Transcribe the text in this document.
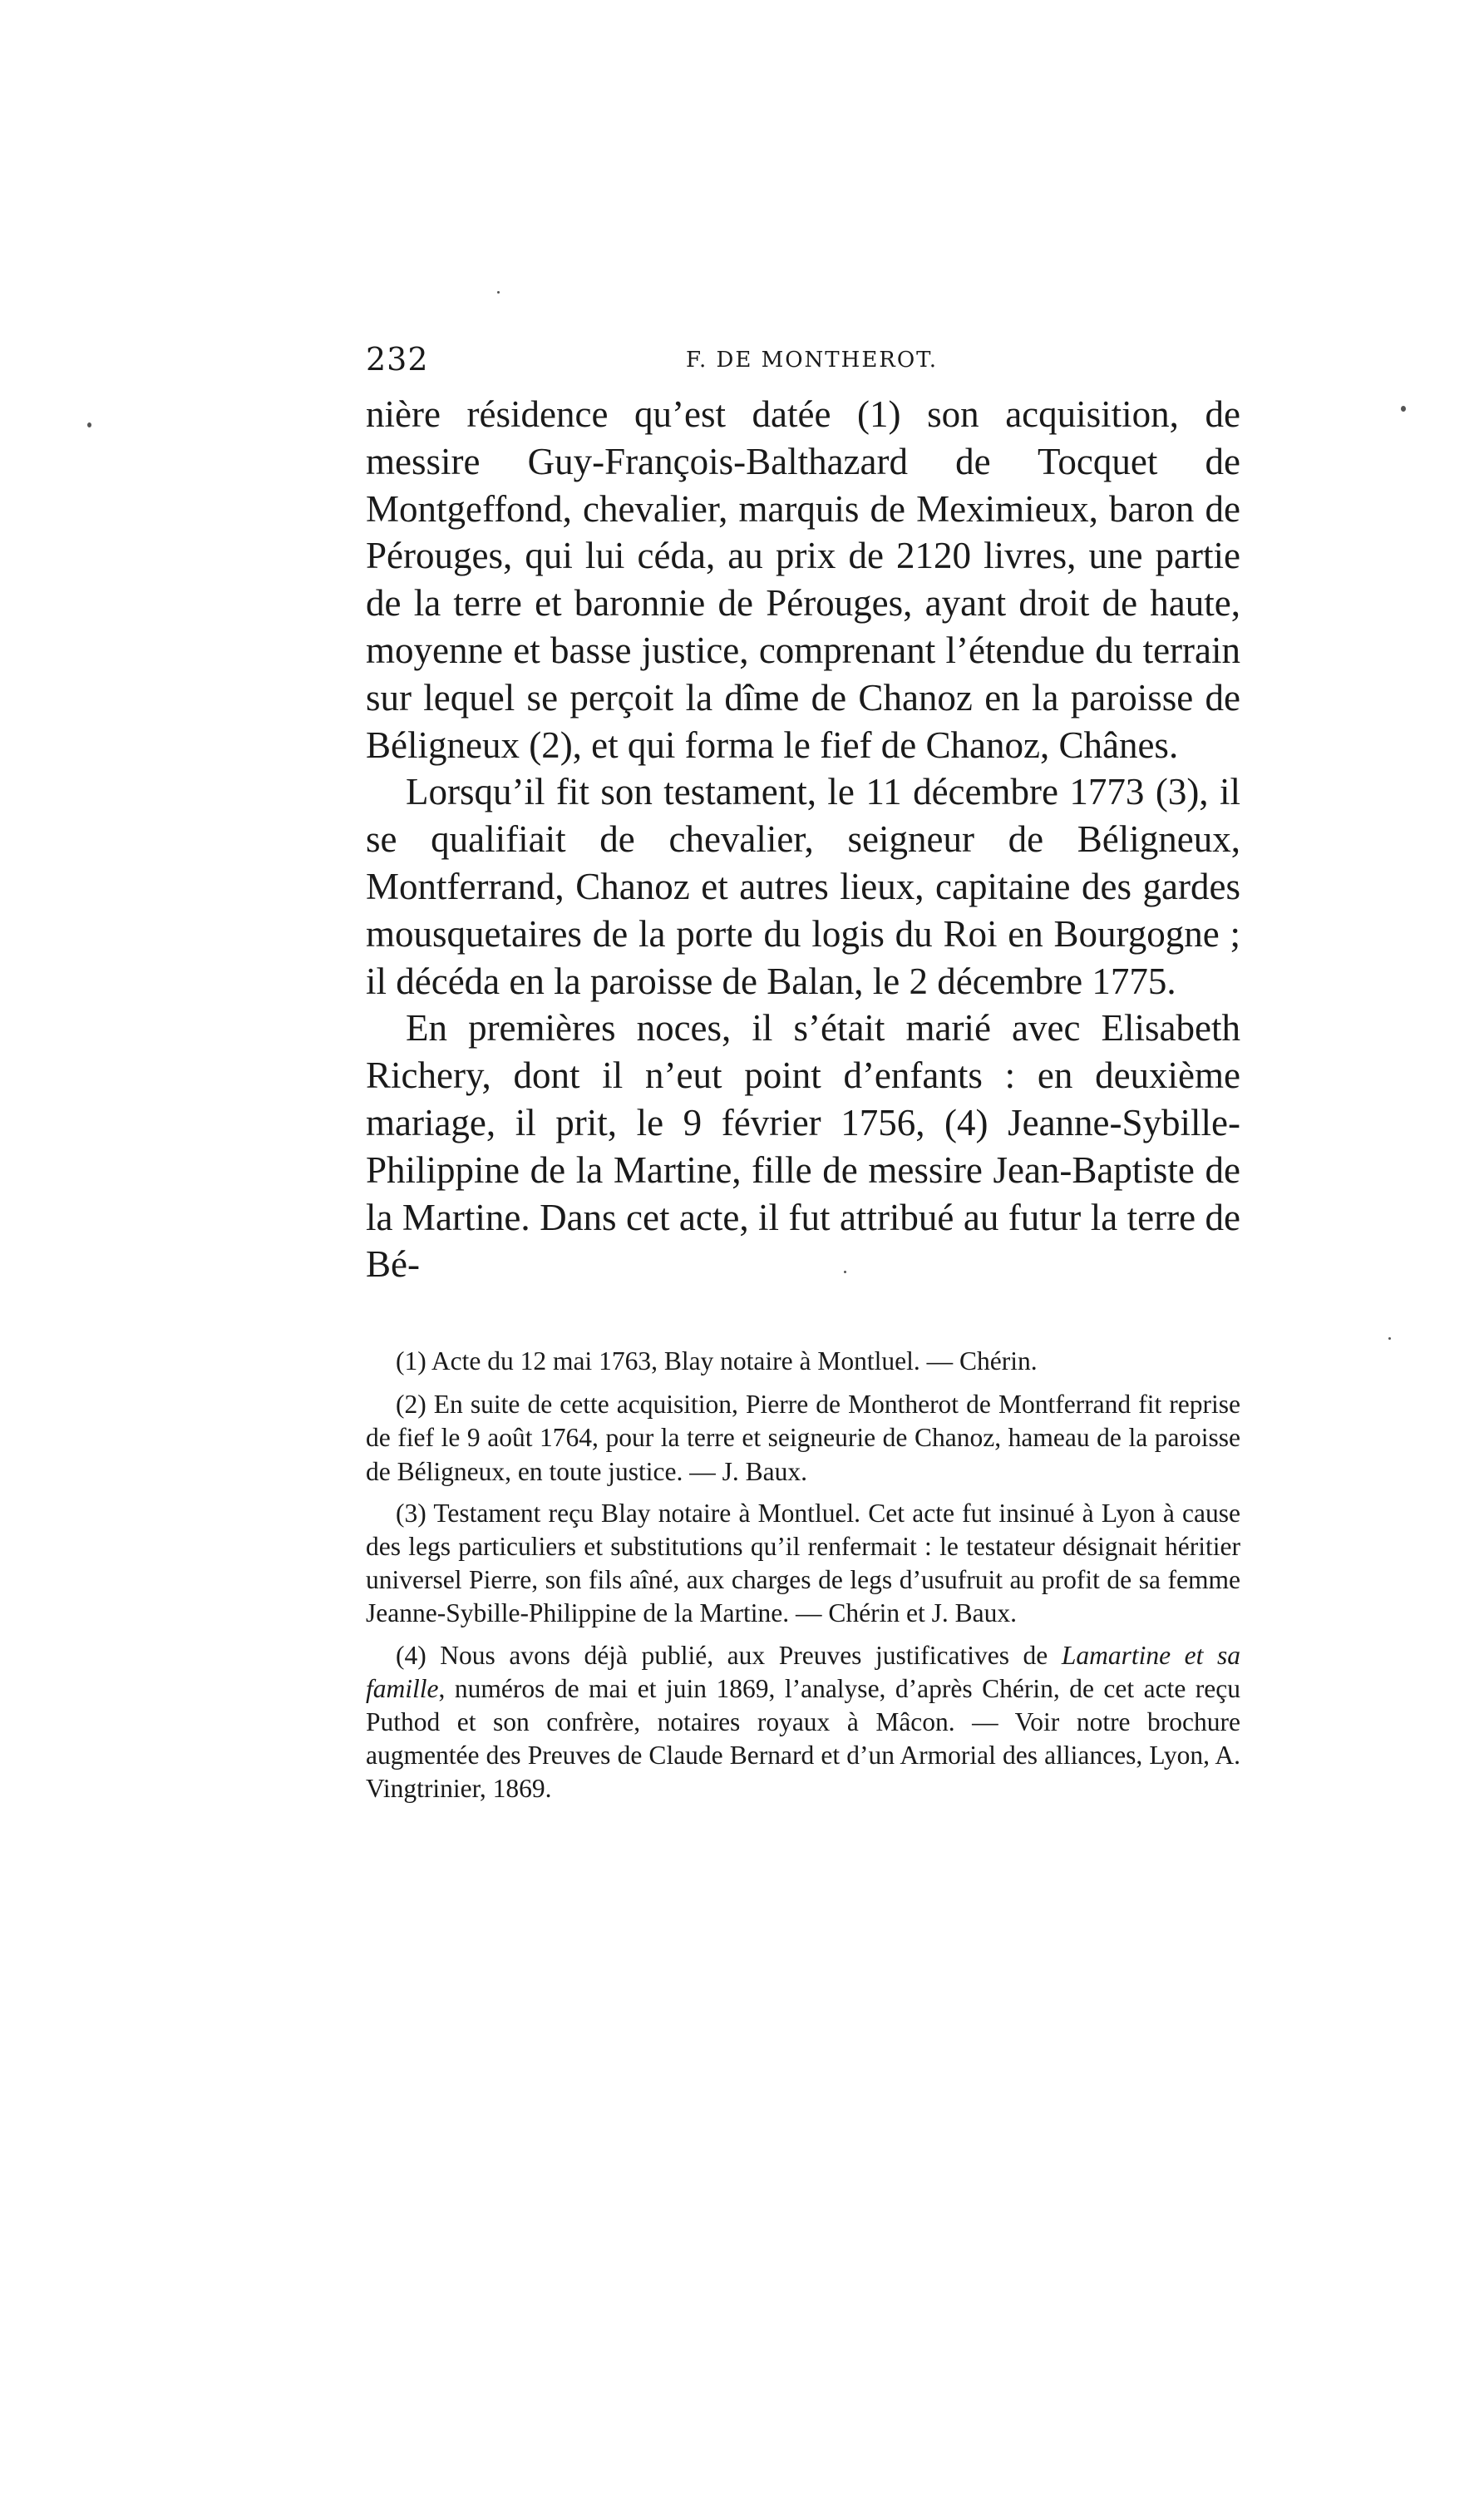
232	F. DE MONTHEROT.

nière résidence qu’est datée (1) son acquisition, de messire Guy-François-Balthazard de Tocquet de Montgeffond, chevalier, marquis de Meximieux, baron de Pérouges, qui lui céda, au prix de 2120 livres, une partie de la terre et baronnie de Pérouges, ayant droit de haute, moyenne et basse justice, comprenant l’étendue du terrain sur lequel se perçoit la dîme de Chanoz en la paroisse de Béligneux (2), et qui forma le fief de Chanoz, Chânes.

Lorsqu’il fit son testament, le 11 décembre 1773 (3), il se qualifiait de chevalier, seigneur de Béligneux, Montferrand, Chanoz et autres lieux, capitaine des gardes mousquetaires de la porte du logis du Roi en Bourgogne ; il décéda en la paroisse de Balan, le 2 décembre 1775.

En premières noces, il s’était marié avec Elisabeth Richery, dont il n’eut point d’enfants : en deuxième mariage, il prit, le 9 février 1756, (4) Jeanne-Sybille-Philippine de la Martine, fille de messire Jean-Baptiste de la Martine. Dans cet acte, il fut attribué au futur la terre de Bé-

(1) Acte du 12 mai 1763, Blay notaire à Montluel. — Chérin.

(2) En suite de cette acquisition, Pierre de Montherot de Montferrand fit reprise de fief le 9 août 1764, pour la terre et seigneurie de Chanoz, hameau de la paroisse de Béligneux, en toute justice. — J. Baux.

(3) Testament reçu Blay notaire à Montluel. Cet acte fut insinué à Lyon à cause des legs particuliers et substitutions qu’il renfermait : le testateur désignait héritier universel Pierre, son fils aîné, aux charges de legs d’usufruit au profit de sa femme Jeanne-Sybille-Philippine de la Martine. — Chérin et J. Baux.

(4) Nous avons déjà publié, aux Preuves justificatives de Lamartine et sa famille, numéros de mai et juin 1869, l’analyse, d’après Chérin, de cet acte reçu Puthod et son confrère, notaires royaux à Mâcon. — Voir notre brochure augmentée des Preuves de Claude Bernard et d’un Armorial des alliances, Lyon, A. Vingtrinier, 1869.
